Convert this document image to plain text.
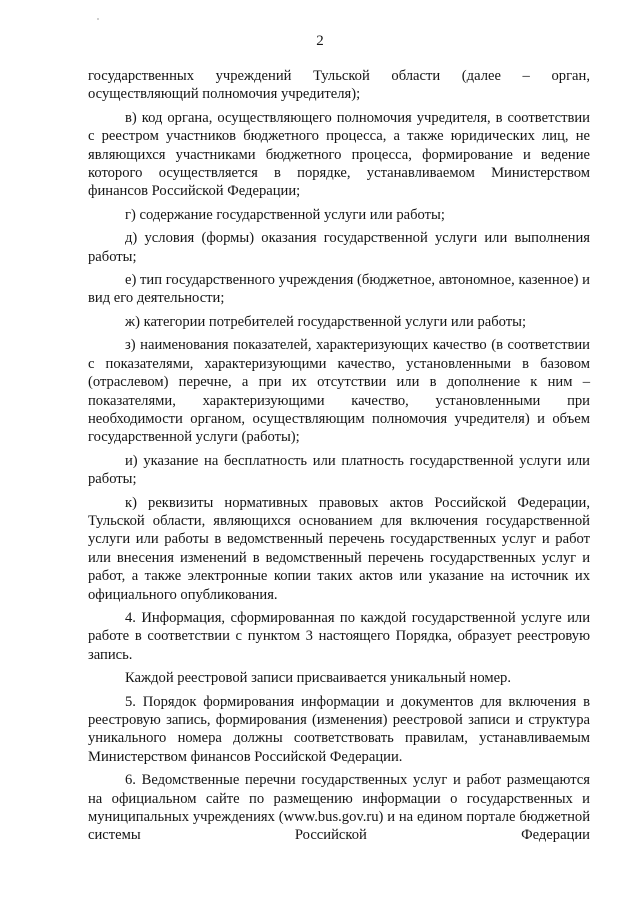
2

государственных учреждений Тульской области (далее – орган, осуществляющий полномочия учредителя);

в) код органа, осуществляющего полномочия учредителя, в соответствии с реестром участников бюджетного процесса, а также юридических лиц, не являющихся участниками бюджетного процесса, формирование и ведение которого осуществляется в порядке, устанавливаемом Министерством финансов Российской Федерации;

г) содержание государственной услуги или работы;

д) условия (формы) оказания государственной услуги или выполнения работы;

е) тип государственного учреждения (бюджетное, автономное, казенное) и вид его деятельности;

ж) категории потребителей государственной услуги или работы;

з) наименования показателей, характеризующих качество (в соответствии с показателями, характеризующими качество, установленными в базовом (отраслевом) перечне, а при их отсутствии или в дополнение к ним – показателями, характеризующими качество, установленными при необходимости органом, осуществляющим полномочия учредителя) и объем государственной услуги (работы);

и) указание на бесплатность или платность государственной услуги или работы;

к) реквизиты нормативных правовых актов Российской Федерации, Тульской области, являющихся основанием для включения государственной услуги или работы в ведомственный перечень государственных услуг и работ или внесения изменений в ведомственный перечень государственных услуг и работ, а также электронные копии таких актов или указание на источник их официального опубликования.

4. Информация, сформированная по каждой государственной услуге или работе в соответствии с пунктом 3 настоящего Порядка, образует реестровую запись.

Каждой реестровой записи присваивается уникальный номер.

5. Порядок формирования информации и документов для включения в реестровую запись, формирования (изменения) реестровой записи и структура уникального номера должны соответствовать правилам, устанавливаемым Министерством финансов Российской Федерации.

6. Ведомственные перечни государственных услуг и работ размещаются на официальном сайте по размещению информации о государственных и муниципальных учреждениях (www.bus.gov.ru) и на едином портале бюджетной системы Российской Федерации
